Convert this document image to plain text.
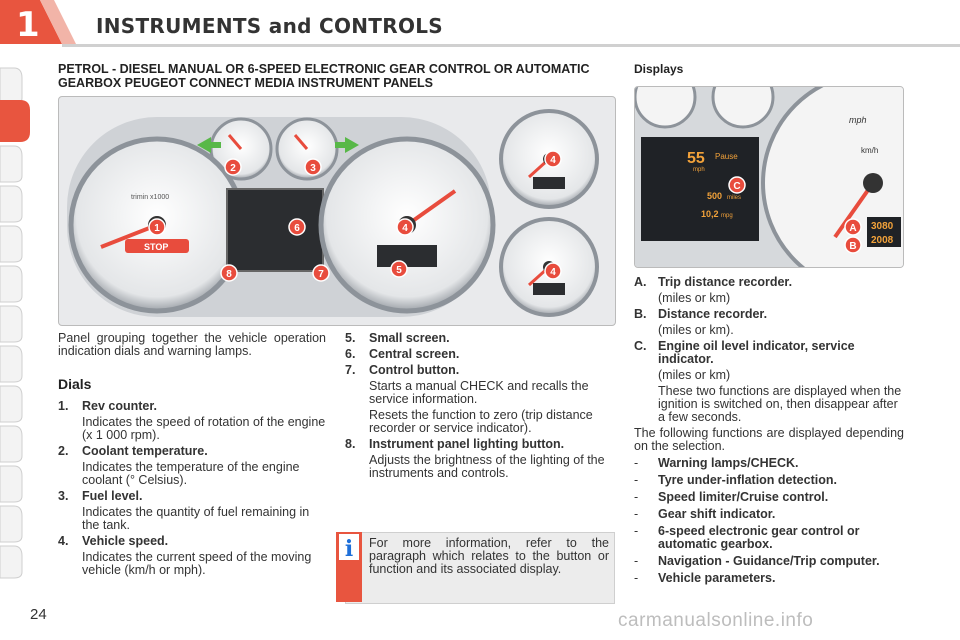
1	INSTRUMENTS and CONTROLS
PETROL - DIESEL MANUAL OR 6-SPEED ELECTRONIC GEAR CONTROL OR AUTOMATIC GEARBOX PEUGEOT CONNECT MEDIA INSTRUMENT PANELS
Displays
trimin x1000
STOP
1
2	3
4
4
4
5
6
7
8
mph
km/h
55 Pause
mph
500 miles
10,2 mpg
3080
2008
A
B
C
Panel grouping together the vehicle operation indication dials and warning lamps.
Dials
1. Rev counter.

Indicates the speed of rotation of the engine (x 1 000 rpm).

2. Coolant temperature.

Indicates the temperature of the engine coolant (° Celsius).

3. Fuel level.

Indicates the quantity of fuel remaining in the tank.

4. Vehicle speed.

Indicates the current speed of the moving vehicle (km/h or mph).

5. Small screen.
6. Central screen.
7. Control button.

Starts a manual CHECK and recalls the service information.

Resets the function to zero (trip distance recorder or service indicator).

8. Instrument panel lighting button.

Adjusts the brightness of the lighting of the instruments and controls.

i For more information, refer to the paragraph which relates to the button or function and its associated display.
A. Trip distance recorder.

(miles or km)

B. Distance recorder.

(miles or km).

C. Engine oil level indicator, service indicator.

(miles or km)

These two functions are displayed when the ignition is switched on, then disappear after a few seconds.

The following functions are displayed depending on the selection.
- Warning lamps/CHECK.
- Tyre under-inflation detection.
- Speed limiter/Cruise control.
- Gear shift indicator.
- 6-speed electronic gear control or automatic gearbox.
- Navigation - Guidance/Trip computer.
- Vehicle parameters.
24	carmanualsonline.info
